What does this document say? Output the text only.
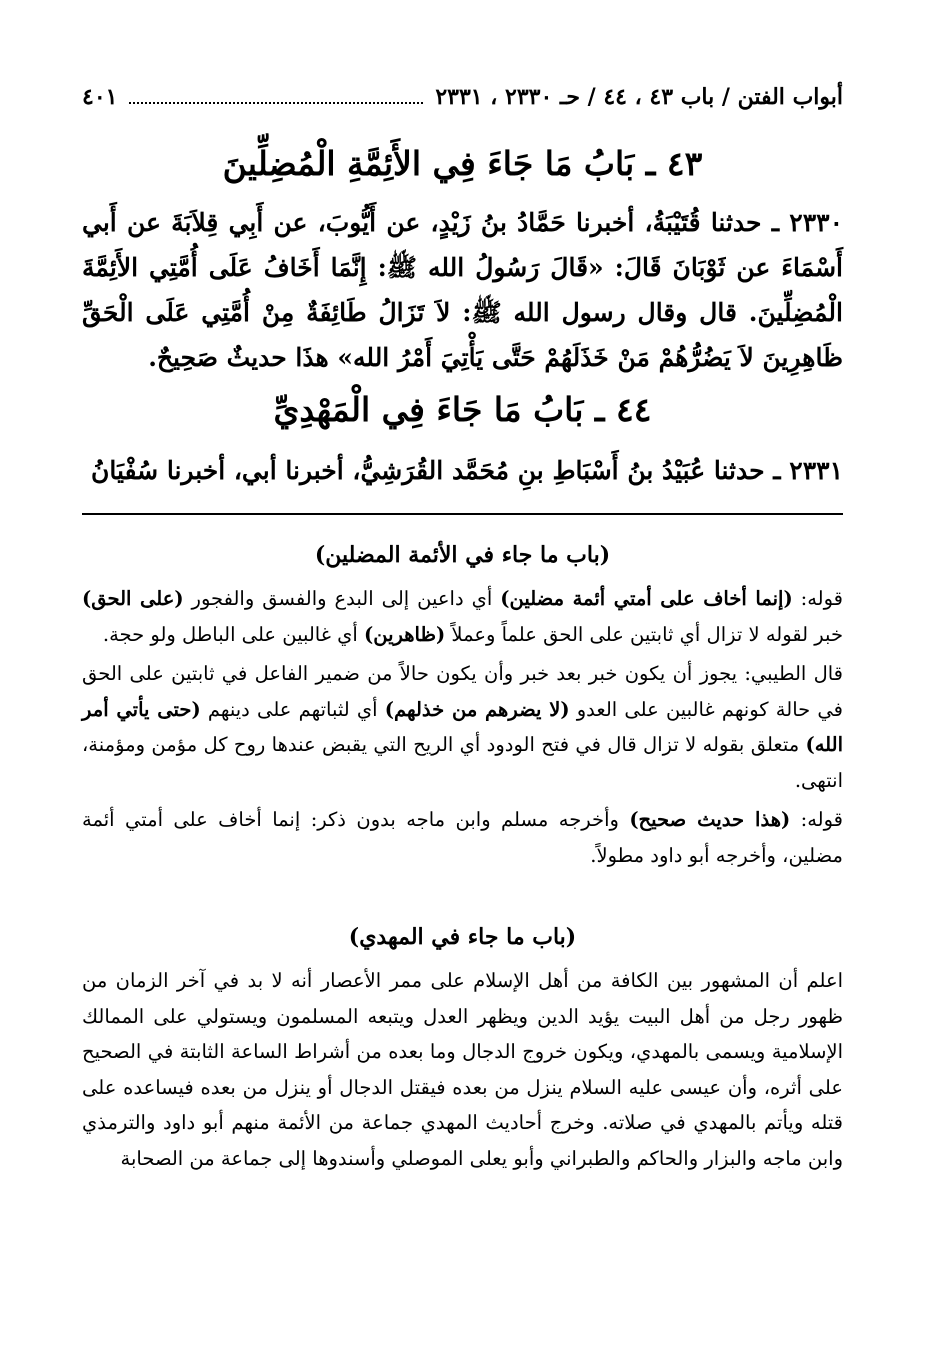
أبواب الفتن / باب ٤٣ ، ٤٤ / حـ ٢٣٣٠ ، ٢٣٣١
٤٠١
٤٣ ـ بَابُ مَا جَاءَ فِي الأَئِمَّةِ الْمُضِلِّينَ

٢٣٣٠ ـ حدثنا قُتَيْبَةُ، أخبرنا حَمَّادُ بنُ زَيْدٍ، عن أَيُّوبَ، عن أَبِي قِلاَبَةَ عن أَبي أَسْمَاءَ عن ثَوْبَانَ قَالَ: «قَالَ رَسُولُ الله ﷺ: إِنَّمَا أَخَافُ عَلَى أُمَّتِي الأَئِمَّةَ الْمُضِلِّينَ. قال وقال رسول الله ﷺ: لاَ تَزَالُ طَائِفَةٌ مِنْ أُمَّتِي عَلَى الْحَقِّ ظَاهِرِينَ لاَ يَضُرُّهُمْ مَنْ خَذَلَهُمْ حَتَّى يَأْتِيَ أَمْرُ الله» هذَا حديثٌ صَحِيحٌ.

٤٤ ـ بَابُ مَا جَاءَ فِي الْمَهْدِيِّ

٢٣٣١ ـ حدثنا عُبَيْدُ بنُ أَسْبَاطِ بنِ مُحَمَّد القُرَشِيُّ، أخبرنا أبي، أخبرنا سُفْيَانُ

(باب ما جاء في الأئمة المضلين)

قوله: (إنما أخاف على أمتي أئمة مضلين) أي داعين إلى البدع والفسق والفجور (على الحق) خبر لقوله لا تزال أي ثابتين على الحق علماً وعملاً (ظاهرين) أي غالبين على الباطل ولو حجة.

قال الطيبي: يجوز أن يكون خبر بعد خبر وأن يكون حالاً من ضمير الفاعل في ثابتين على الحق في حالة كونهم غالبين على العدو (لا يضرهم من خذلهم) أي لثباتهم على دينهم (حتى يأتي أمر الله) متعلق بقوله لا تزال قال في فتح الودود أي الريح التي يقبض عندها روح كل مؤمن ومؤمنة، انتهى.

قوله: (هذا حديث صحيح) وأخرجه مسلم وابن ماجه بدون ذكر: إنما أخاف على أمتي أئمة مضلين، وأخرجه أبو داود مطولاً.

(باب ما جاء في المهدي)

اعلم أن المشهور بين الكافة من أهل الإسلام على ممر الأعصار أنه لا بد في آخر الزمان من ظهور رجل من أهل البيت يؤيد الدين ويظهر العدل ويتبعه المسلمون ويستولي على الممالك الإسلامية ويسمى بالمهدي، ويكون خروج الدجال وما بعده من أشراط الساعة الثابتة في الصحيح على أثره، وأن عيسى عليه السلام ينزل من بعده فيقتل الدجال أو ينزل من بعده فيساعده على قتله ويأتم بالمهدي في صلاته. وخرج أحاديث المهدي جماعة من الأئمة منهم أبو داود والترمذي وابن ماجه والبزار والحاكم والطبراني وأبو يعلى الموصلي وأسندوها إلى جماعة من الصحابة
